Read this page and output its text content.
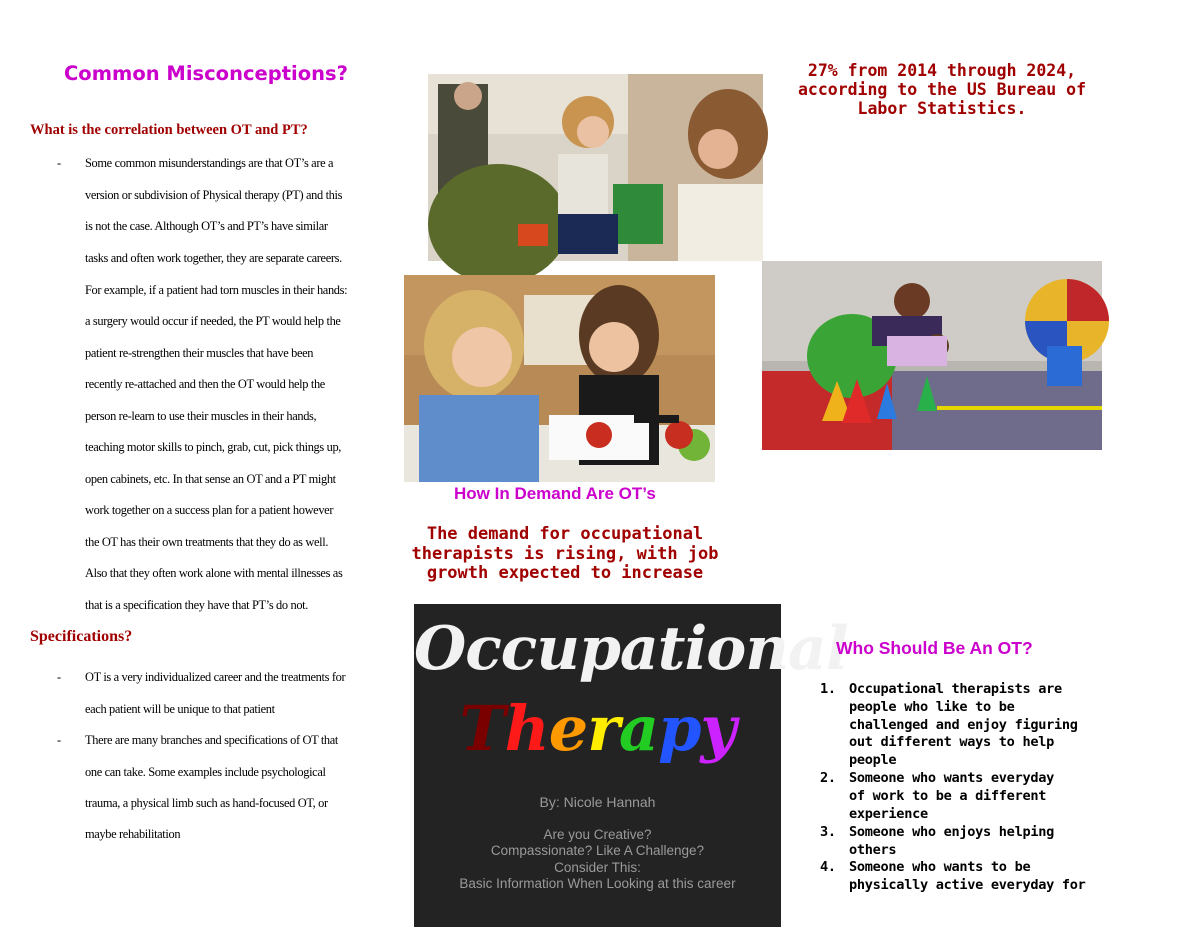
Common Misconceptions?
What is the correlation between OT and PT?
- Some common misunderstandings are that OT’s are a
version or subdivision of Physical therapy (PT) and this
is not the case. Although OT’s and PT’s have similar
tasks and often work together, they are separate careers.
For example, if a patient had torn muscles in their hands:
a surgery would occur if needed, the PT would help the
patient re-strengthen their muscles that have been
recently re-attached and then the OT would help the
person re-learn to use their muscles in their hands,
teaching motor skills to pinch, grab, cut, pick things up,
open cabinets, etc. In that sense an OT and a PT might
work together on a success plan for a patient however
the OT has their own treatments that they do as well.
Also that they often work alone with mental illnesses as
that is a specification they have that PT’s do not.
Specifications?
- OT is a very individualized career and the treatments for
each patient will be unique to that patient
- There are many branches and specifications of OT that
one can take. Some examples include psychological
trauma, a physical limb such as hand-focused OT, or
maybe rehabilitation
27% from 2014 through 2024,
according to the US Bureau of
Labor Statistics.
How In Demand Are OT’s
The demand for occupational
therapists is rising, with job
growth expected to increase
Occupational
Therapy
By: Nicole Hannah
Are you Creative?
Compassionate? Like A Challenge?
Consider This:
Basic Information When Looking at this career
Who Should Be An OT?
1. Occupational therapists are
people who like to be
challenged and enjoy figuring
out different ways to help
people
2. Someone who wants everyday
of work to be a different
experience
3. Someone who enjoys helping
others
4. Someone who wants to be
physically active everyday for
